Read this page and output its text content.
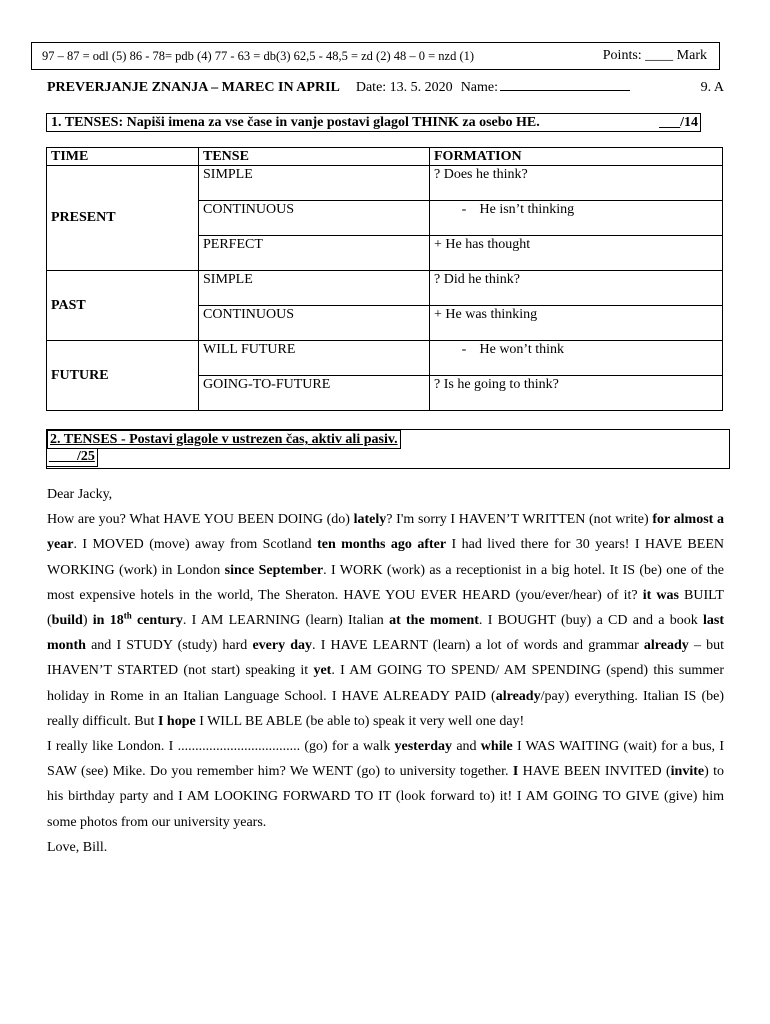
97 – 87 = odl (5) 86 - 78= pdb (4) 77 - 63 = db(3) 62,5 - 48,5 = zd (2) 48 – 0 = nzd (1)	Points: ____ Mark
PREVERJANJE ZNANJA – MAREC IN APRIL Date: 13. 5. 2020 Name:	9. A
1. TENSES: Napiši imena za vse čase in vanje postavi glagol THINK za osebo HE.	___/14
TIME	TENSE	FORMATION
PRESENT	SIMPLE	? Does he think?
	CONTINUOUS	- He isn’t thinking
	PERFECT	+ He has thought
PAST	SIMPLE	? Did he think?
	CONTINUOUS	+ He was thinking
FUTURE	WILL FUTURE	- He won’t think
	GOING-TO-FUTURE	? Is he going to think?
2. TENSES - Postavi glagole v ustrezen čas, aktiv ali pasiv.
____/25

Dear Jacky,

How are you? What HAVE YOU BEEN DOING (do) lately? I'm sorry I HAVEN’T WRITTEN (not write) for almost a year. I MOVED (move) away from Scotland ten months ago after I had lived there for 30 years! I HAVE BEEN WORKING (work) in London since September. I WORK (work) as a receptionist in a big hotel. It IS (be) one of the most expensive hotels in the world, The Sheraton. HAVE YOU EVER HEARD (you/ever/hear) of it? it was BUILT (build) in 18th century. I AM LEARNING (learn) Italian at the moment. I BOUGHT (buy) a CD and a book last month and I STUDY (study) hard every day. I HAVE LEARNT (learn) a lot of words and grammar already – but IHAVEN’T STARTED (not start) speaking it yet. I AM GOING TO SPEND/ AM SPENDING (spend) this summer holiday in Rome in an Italian Language School. I HAVE ALREADY PAID (already/pay) everything. Italian IS (be) really difficult. But I hope I WILL BE ABLE (be able to) speak it very well one day!

I really like London. I ................................... (go) for a walk yesterday and while I WAS WAITING (wait) for a bus, I SAW (see) Mike. Do you remember him? We WENT (go) to university together. I HAVE BEEN INVITED (invite) to his birthday party and I AM LOOKING FORWARD TO IT (look forward to) it! I AM GOING TO GIVE (give) him some photos from our university years.

Love, Bill.
